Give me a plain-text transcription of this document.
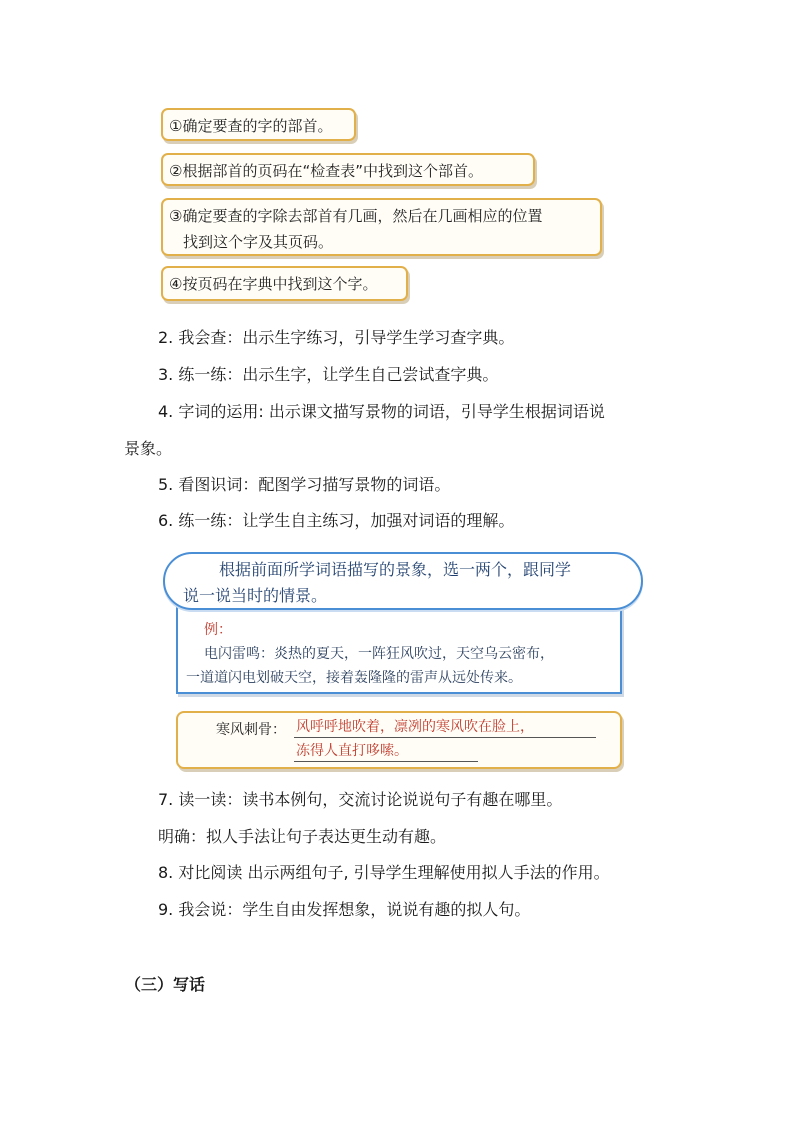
①确定要查的字的部首。
②根据部首的页码在“检查表”中找到这个部首。
③确定要查的字除去部首有几画，然后在几画相应的位置
找到这个字及其页码。
④按页码在字典中找到这个字。
2. 我会查：出示生字练习，引导学生学习查字典。
3. 练一练：出示生字，让学生自己尝试查字典。
4. 字词的运用: 出示课文描写景物的词语，引导学生根据词语说
景象。
5. 看图识词：配图学习描写景物的词语。
6. 练一练：让学生自主练习，加强对词语的理解。
根据前面所学词语描写的景象，选一两个，跟同学
说一说当时的情景。
例：
电闪雷鸣：炎热的夏天，一阵狂风吹过，天空乌云密布，
一道道闪电划破天空，接着轰隆隆的雷声从远处传来。
寒风刺骨： 风呼呼地吹着，凛冽的寒风吹在脸上，
冻得人直打哆嗦。
7. 读一读：读书本例句，交流讨论说说句子有趣在哪里。
明确：拟人手法让句子表达更生动有趣。
8. 对比阅读 出示两组句子, 引导学生理解使用拟人手法的作用。
9. 我会说：学生自由发挥想象，说说有趣的拟人句。
（三）写话
